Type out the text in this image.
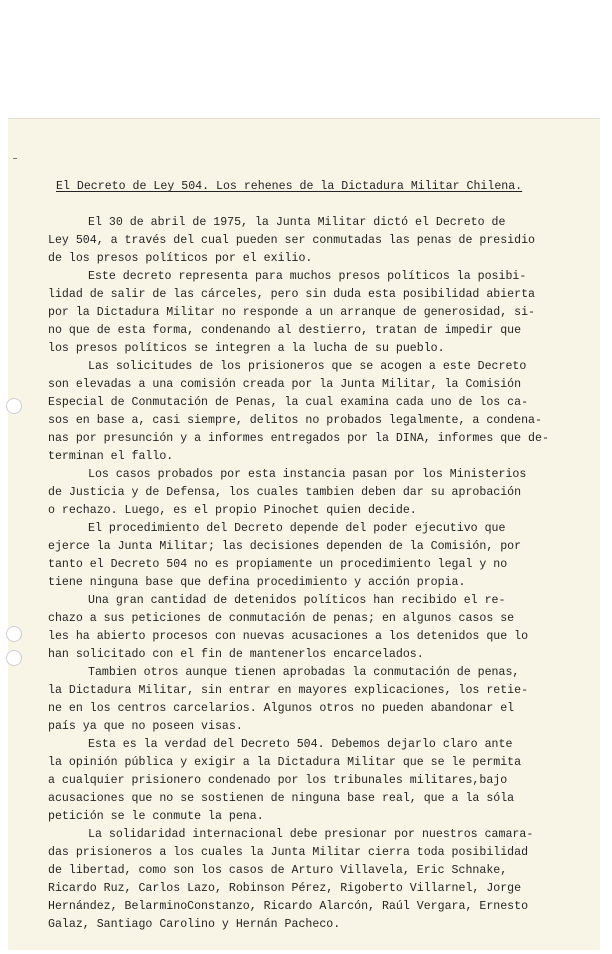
El Decreto de Ley 504. Los rehenes de la Dictadura Militar Chilena.
El 30 de abril de 1975, la Junta Militar dictó el Decreto de
Ley 504, a través del cual pueden ser conmutadas las penas de presidio
de los presos políticos por el exilio.
Este decreto representa para muchos presos políticos la posibi-
lidad de salir de las cárceles, pero sin duda esta posibilidad abierta
por la Dictadura Militar no responde a un arranque de generosidad, si-
no que de esta forma, condenando al destierro, tratan de impedir que
los presos políticos se integren a la lucha de su pueblo.
Las solicitudes de los prisioneros que se acogen a este Decreto
son elevadas a una comisión creada por la Junta Militar, la Comisión
Especial de Conmutación de Penas, la cual examina cada uno de los ca-
sos en base a, casi siempre, delitos no probados legalmente, a condena-
nas por presunción y a informes entregados por la DINA, informes que de-
terminan el fallo.
Los casos probados por esta instancia pasan por los Ministerios
de Justicia y de Defensa, los cuales tambien deben dar su aprobación
o rechazo. Luego, es el propio Pinochet quien decide.
El procedimiento del Decreto depende del poder ejecutivo que
ejerce la Junta Militar; las decisiones dependen de la Comisión, por
tanto el Decreto 504 no es propiamente un procedimiento legal y no
tiene ninguna base que defina procedimiento y acción propia.
Una gran cantidad de detenidos políticos han recibido el re-
chazo a sus peticiones de conmutación de penas; en algunos casos se
les ha abierto procesos con nuevas acusaciones a los detenidos que lo
han solicitado con el fin de mantenerlos encarcelados.
Tambien otros aunque tienen aprobadas la conmutación de penas,
la Dictadura Militar, sin entrar en mayores explicaciones, los retie-
ne en los centros carcelarios. Algunos otros no pueden abandonar el
país ya que no poseen visas.
Esta es la verdad del Decreto 504. Debemos dejarlo claro ante
la opinión pública y exigir a la Dictadura Militar que se le permita
a cualquier prisionero condenado por los tribunales militares,bajo
acusaciones que no se sostienen de ninguna base real, que a la sóla
petición se le conmute la pena.
La solidaridad internacional debe presionar por nuestros camara-
das prisioneros a los cuales la Junta Militar cierra toda posibilidad
de libertad, como son los casos de Arturo Villavela, Eric Schnake,
Ricardo Ruz, Carlos Lazo, Robinson Pérez, Rigoberto Villarnel, Jorge
Hernández, BelarminoConstanzo, Ricardo Alarcón, Raúl Vergara, Ernesto
Galaz, Santiago Carolino y Hernán Pacheco.
